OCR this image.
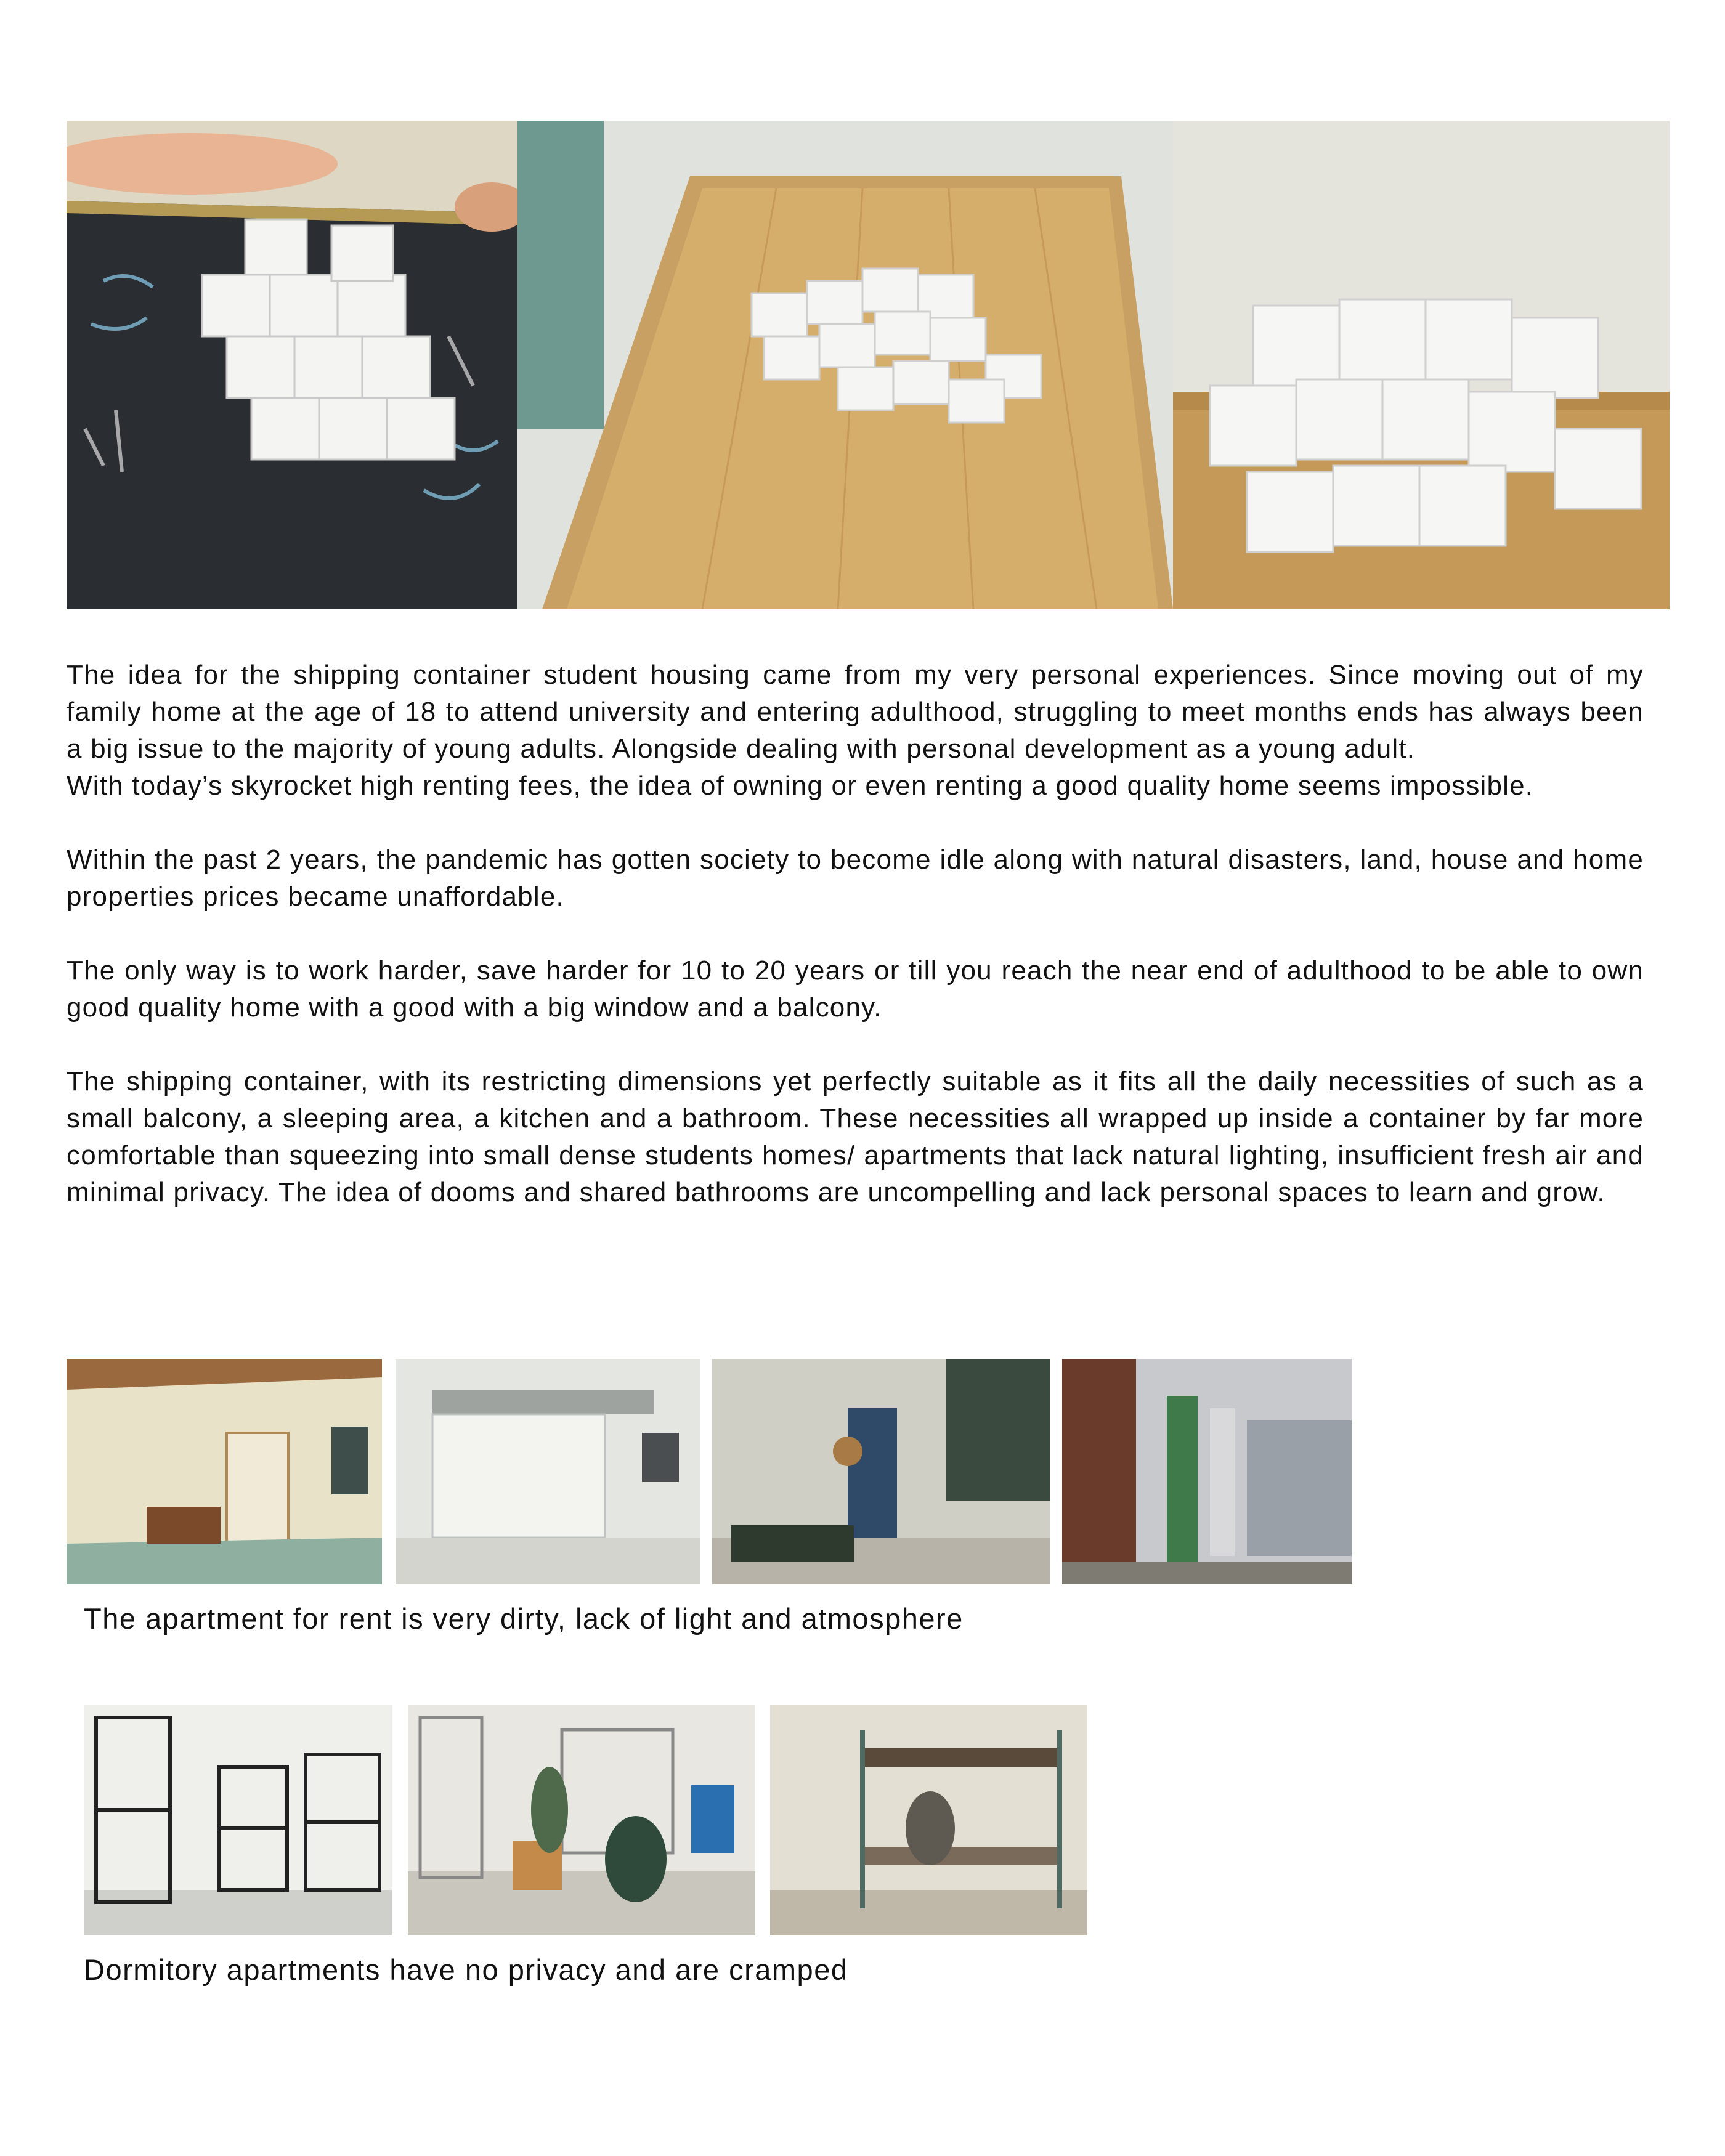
The idea for the shipping container student housing came from my very personal experiences. Since moving out of my family home at the age of 18 to attend university and entering adulthood, struggling to meet months ends has always been a big issue to the majority of young adults. Alongside dealing with personal development as a young adult.

With today’s skyrocket high renting fees, the idea of owning or even renting a good quality home seems impossible.

Within the past 2 years, the pandemic has gotten society to become idle along with natural disasters, land, house and home properties prices became unaffordable.

The only way is to work harder, save harder for 10 to 20 years or till you reach the near end of adulthood to be able to own good quality home with a good with a big window and a balcony.

The shipping container, with its restricting dimensions yet perfectly suitable as it fits all the daily necessities of such as a small balcony, a sleeping area, a kitchen and a bathroom. These necessities all wrapped up inside a container by far more comfortable than squeezing into small dense students homes/ apartments that lack natural lighting, insufficient fresh air and minimal privacy. The idea of dooms and shared bathrooms are uncompelling and lack personal spaces to learn and grow.

The apartment for rent is very dirty, lack of light and atmosphere
Dormitory apartments have no privacy and are cramped
